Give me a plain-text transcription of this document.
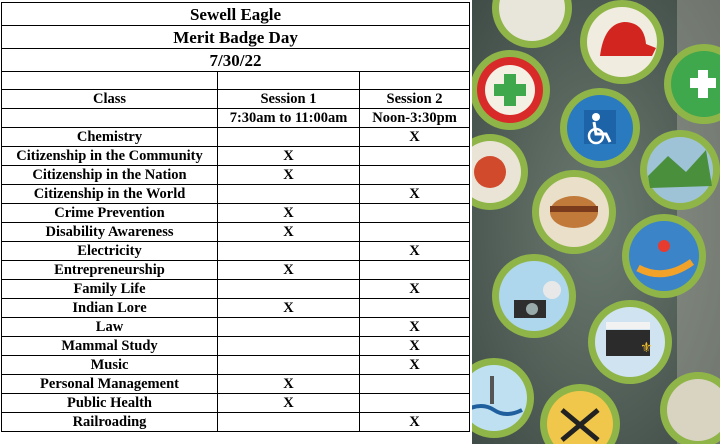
Sewell Eagle		
Merit Badge Day		
7/30/22		

Class	Session 1	Session 2
	7:30am to 11:00am	Noon-3:30pm
Chemistry		X
Citizenship in the Community	X	
Citizenship in the Nation	X	
Citizenship in the World		X
Crime Prevention	X	
Disability Awareness	X	
Electricity		X
Entrepreneurship	X	
Family Life		X
Indian Lore	X	
Law		X
Mammal Study		X
Music		X
Personal Management	X	
Public Health	X	
Railroading		X
⚜
